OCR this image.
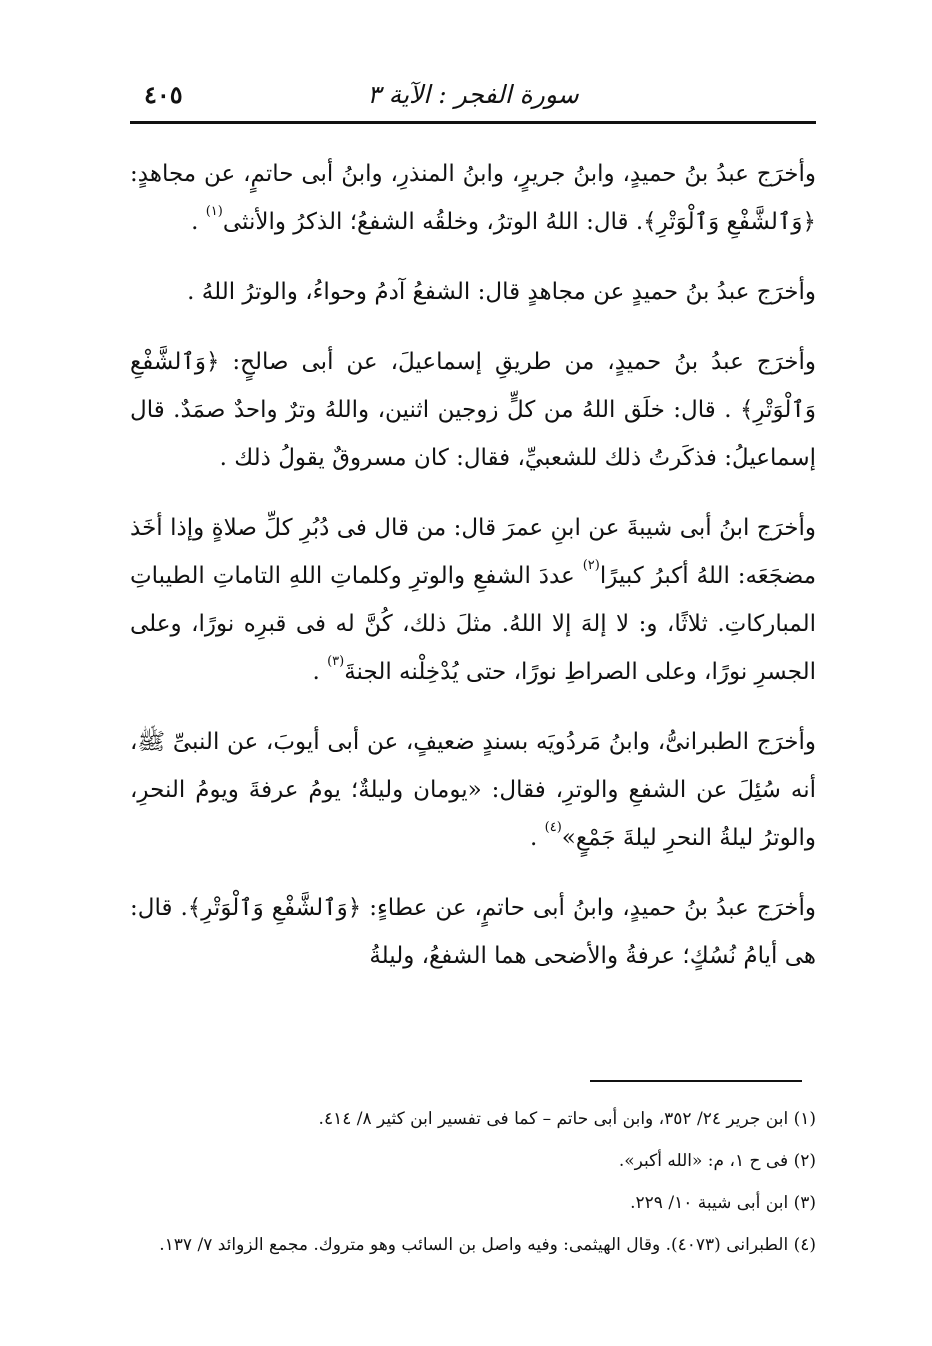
سورة الفجر : الآية ٣
٤٠٥

وأخرَج عبدُ بنُ حميدٍ، وابنُ جريرٍ، وابنُ المنذرِ، وابنُ أبى حاتمٍ، عن مجاهدٍ: ﴿وَٱلشَّفْعِ وَٱلْوَتْرِ﴾. قال: اللهُ الوترُ، وخلقُه الشفعُ؛ الذكرُ والأنثى$^{(١)}$ .

وأخرَج عبدُ بنُ حميدٍ عن مجاهدٍ قال: الشفعُ آدمُ وحواءُ، والوترُ اللهُ .

وأخرَج عبدُ بنُ حميدٍ، من طريقِ إسماعيلَ، عن أبى صالحٍ: ﴿وَٱلشَّفْعِ وَٱلْوَتْرِ﴾ . قال: خلَق اللهُ من كلٍّ زوجين اثنين، واللهُ وترٌ واحدٌ صمَدٌ. قال إسماعيلُ: فذكَرتُ ذلك للشعبيِّ، فقال: كان مسروقٌ يقولُ ذلك .

وأخرَج ابنُ أبى شيبةَ عن ابنِ عمرَ قال: من قال فى دُبُرِ كلِّ صلاةٍ وإذا أخَذ مضجَعَه: اللهُ أكبرُ كبيرًا$^{(٢)}$ عددَ الشفعِ والوترِ وكلماتِ اللهِ التاماتِ الطيباتِ المباركاتِ. ثلاثًا، و: لا إلهَ إلا اللهُ. مثلَ ذلك، كُنَّ له فى قبرِه نورًا، وعلى الجسرِ نورًا، وعلى الصراطِ نورًا، حتى يُدْخِلْنه الجنةَ$^{(٣)}$ .

وأخرَج الطبرانىُّ، وابنُ مَردُويَه بسندٍ ضعيفٍ، عن أبى أيوبَ، عن النبىِّ ﷺ، أنه سُئِلَ عن الشفعِ والوترِ، فقال: «يومان وليلةٌ؛ يومُ عرفةَ ويومُ النحرِ، والوترُ ليلةُ النحرِ ليلةَ جَمْعٍ»$^{(٤)}$ .

وأخرَج عبدُ بنُ حميدٍ، وابنُ أبى حاتمٍ، عن عطاءٍ: ﴿وَٱلشَّفْعِ وَٱلْوَتْرِ﴾. قال: هى أيامُ نُسُكٍ؛ عرفةُ والأضحى هما الشفعُ، وليلةُ

(١) ابن جرير ٢٤/ ٣٥٢، وابن أبى حاتم – كما فى تفسير ابن كثير ٨/ ٤١٤.

(٢) فى ح ١، م: «الله أكبر».

(٣) ابن أبى شيبة ١٠/ ٢٢٩.

(٤) الطبرانى (٤٠٧٣). وقال الهيثمى: وفيه واصل بن السائب وهو متروك. مجمع الزوائد ٧/ ١٣٧.
